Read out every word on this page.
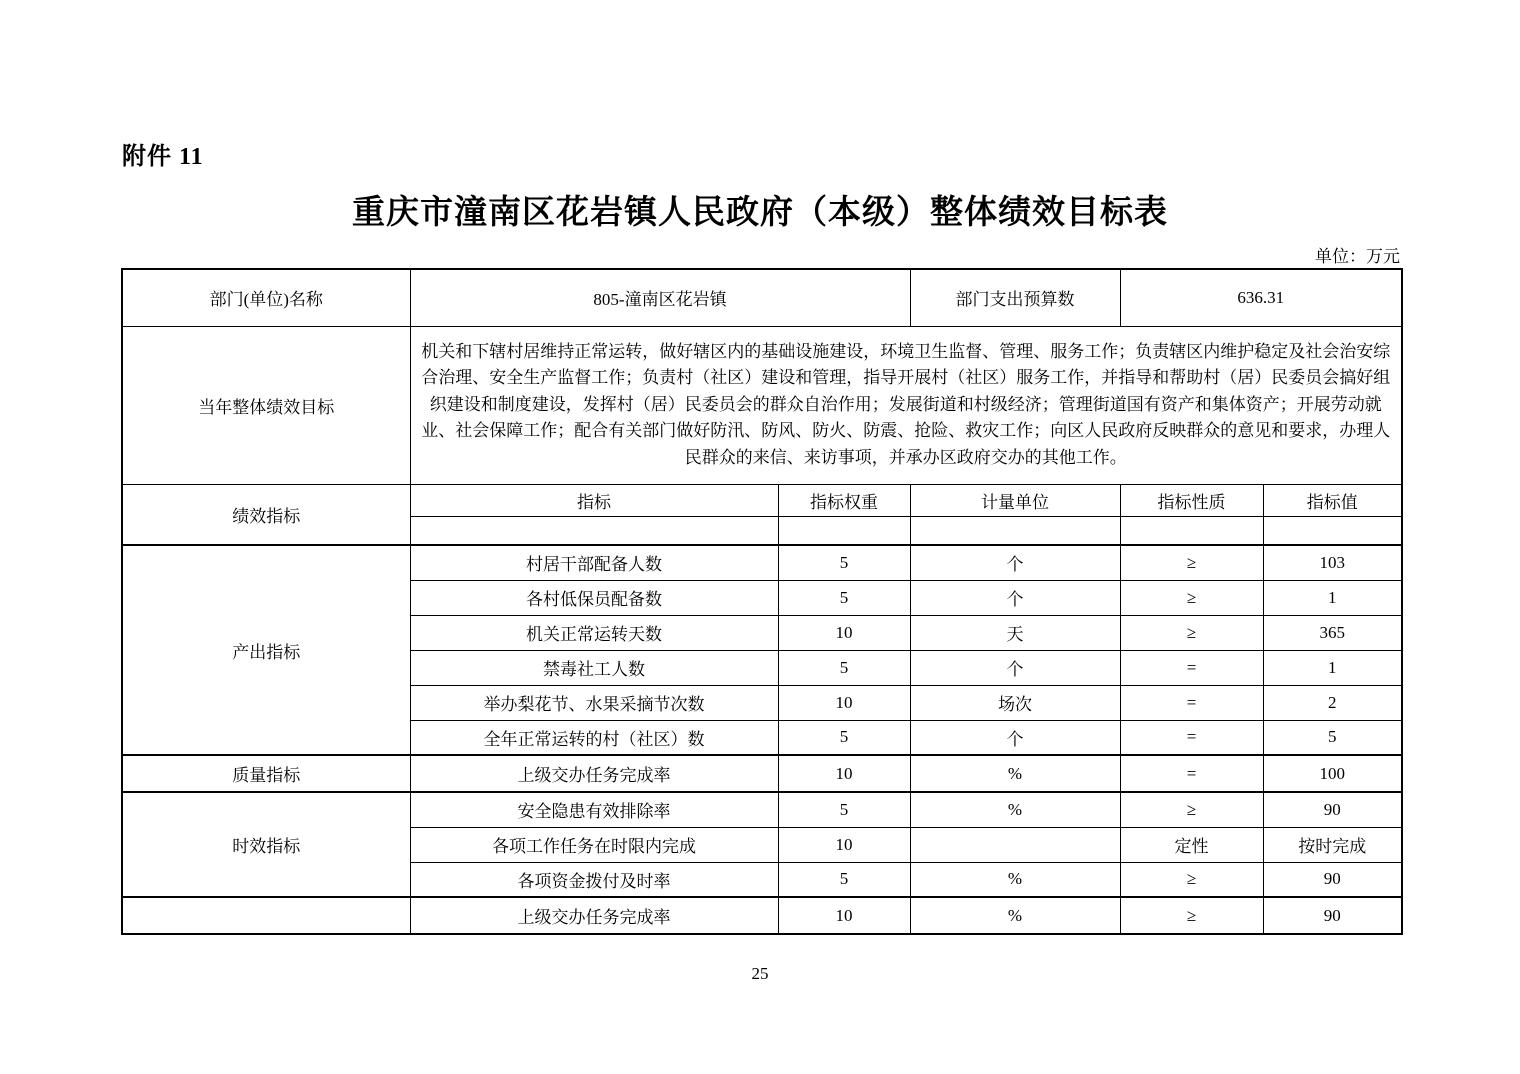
附件 11
重庆市潼南区花岩镇人民政府（本级）整体绩效目标表
单位：万元
部门(单位)名称	805-潼南区花岩镇		部门支出预算数	636.31	
当年整体绩效目标	机关和下辖村居维持正常运转，做好辖区内的基础设施建设，环境卫生监督、管理、服务工作；负责辖区内维护稳定及社会治安综合治理、安全生产监督工作；负责村（社区）建设和管理，指导开展村（社区）服务工作，并指导和帮助村（居）民委员会搞好组织建设和制度建设，发挥村（居）民委员会的群众自治作用；发展街道和村级经济；管理街道国有资产和集体资产；开展劳动就业、社会保障工作；配合有关部门做好防汛、防风、防火、防震、抢险、救灾工作；向区人民政府反映群众的意见和要求，办理人民群众的来信、来访事项，并承办区政府交办的其他工作。				
绩效指标	指标	指标权重	计量单位	指标性质	指标值

产出指标	村居干部配备人数	5	个	≥	103
	各村低保员配备数	5	个	≥	1
	机关正常运转天数	10	天	≥	365
	禁毒社工人数	5	个	=	1
	举办梨花节、水果采摘节次数	10	场次	=	2
	全年正常运转的村（社区）数	5	个	=	5
质量指标	上级交办任务完成率	10	%	=	100
时效指标	安全隐患有效排除率	5	%	≥	90
	各项工作任务在时限内完成	10		定性	按时完成
	各项资金拨付及时率	5	%	≥	90
	上级交办任务完成率	10	%	≥	90
25
